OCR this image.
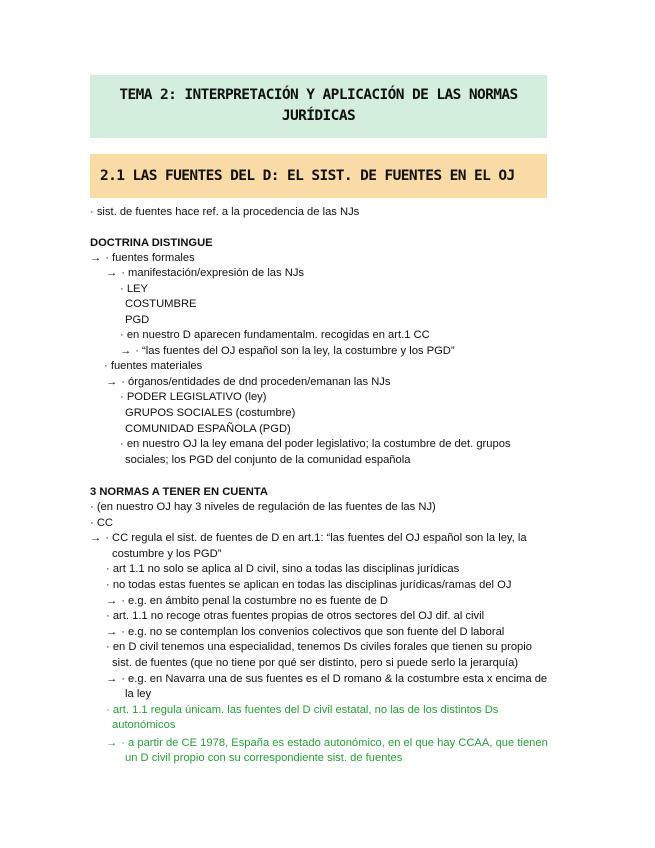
TEMA 2: INTERPRETACIÓN Y APLICACIÓN DE LAS NORMAS JURÍDICAS
2.1 LAS FUENTES DEL D: EL SIST. DE FUENTES EN EL OJ
· sist. de fuentes hace ref. a la procedencia de las NJs
DOCTRINA DISTINGUE
→ · fuentes formales
→ · manifestación/expresión de las NJs
· LEY
COSTUMBRE
PGD
· en nuestro D aparecen fundamentalm. recogidas en art.1 CC
→ · “las fuentes del OJ español son la ley, la costumbre y los PGD”
· fuentes materiales
→ · órganos/entidades de dnd proceden/emanan las NJs
· PODER LEGISLATIVO (ley)
GRUPOS SOCIALES (costumbre)
COMUNIDAD ESPAÑOLA (PGD)
· en nuestro OJ la ley emana del poder legislativo; la costumbre de det. grupos
sociales; los PGD del conjunto de la comunidad española
3 NORMAS A TENER EN CUENTA
· (en nuestro OJ hay 3 niveles de regulación de las fuentes de las NJ)
· CC
→ · CC regula el sist. de fuentes de D en art.1: “las fuentes del OJ español son la ley, la
costumbre y los PGD”
· art 1.1 no solo se aplica al D civil, sino a todas las disciplinas jurídicas
· no todas estas fuentes se aplican en todas las disciplinas jurídicas/ramas del OJ
→ · e.g. en ámbito penal la costumbre no es fuente de D
· art. 1.1 no recoge otras fuentes propias de otros sectores del OJ dif. al civil
→ · e.g. no se contemplan los convenios colectivos que son fuente del D laboral
· en D civil tenemos una especialidad, tenemos Ds civiles forales que tienen su propio
sist. de fuentes (que no tiene por qué ser distinto, pero si puede serlo la jerarquía)
→ · e.g. en Navarra una de sus fuentes es el D romano & la costumbre esta x encima de
la ley
· art. 1.1 regula únicam. las fuentes del D civil estatal, no las de los distintos Ds
autonómicos
→ · a partir de CE 1978, España es estado autonómico, en el que hay CCAA, que tienen
un D civil propio con su correspondiente sist. de fuentes
